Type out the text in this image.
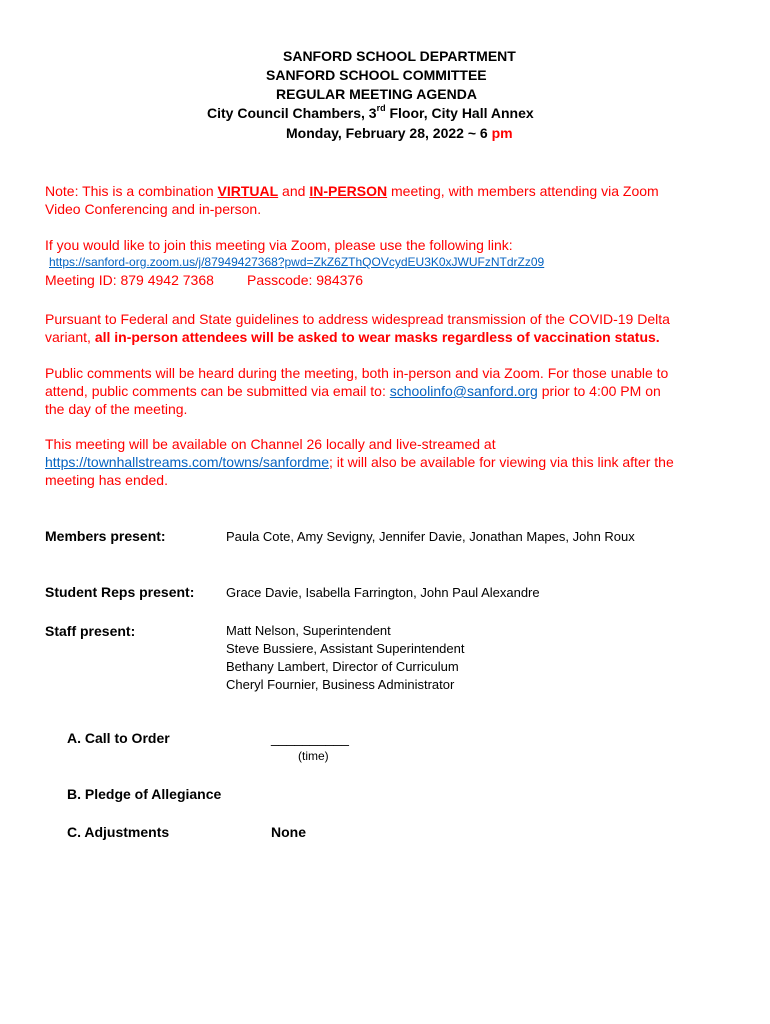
SANFORD SCHOOL DEPARTMENT
SANFORD SCHOOL COMMITTEE
REGULAR MEETING AGENDA
City Council Chambers, 3rd Floor, City Hall Annex
Monday, February 28, 2022 ~ 6 pm
Note: This is a combination VIRTUAL and IN-PERSON meeting, with members attending via Zoom
Video Conferencing and in-person.
If you would like to join this meeting via Zoom, please use the following link:
https://sanford-org.zoom.us/j/87949427368?pwd=ZkZ6ZThQOVcydEU3K0xJWUFzNTdrZz09
Meeting ID: 879 4942 7368 Passcode: 984376
Pursuant to Federal and State guidelines to address widespread transmission of the COVID-19 Delta
variant, all in-person attendees will be asked to wear masks regardless of vaccination status.
Public comments will be heard during the meeting, both in-person and via Zoom. For those unable to
attend, public comments can be submitted via email to: schoolinfo@sanford.org prior to 4:00 PM on
the day of the meeting.
This meeting will be available on Channel 26 locally and live-streamed at
https://townhallstreams.com/towns/sanfordme; it will also be available for viewing via this link after the
meeting has ended.
Members present:	Paula Cote, Amy Sevigny, Jennifer Davie, Jonathan Mapes, John Roux
Student Reps present: Grace Davie, Isabella Farrington, John Paul Alexandre
Staff present:	Matt Nelson, Superintendent
Steve Bussiere, Assistant Superintendent
Bethany Lambert, Director of Curriculum
Cheryl Fournier, Business Administrator
A. Call to Order	__________
(time)
B. Pledge of Allegiance
C. Adjustments	None
